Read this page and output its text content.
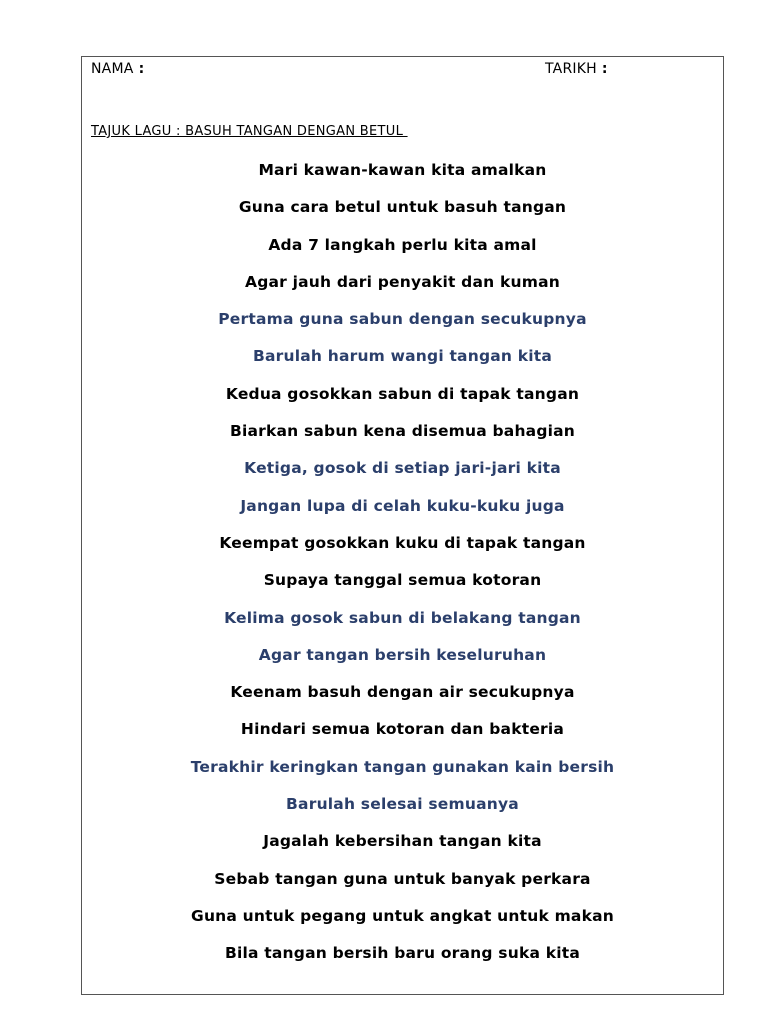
NAMA :	TARIKH :
TAJUK LAGU : BASUH TANGAN DENGAN BETUL
Mari kawan-kawan kita amalkan
Guna cara betul untuk basuh tangan
Ada 7 langkah perlu kita amal
Agar jauh dari penyakit dan kuman
Pertama guna sabun dengan secukupnya
Barulah harum wangi tangan kita
Kedua gosokkan sabun di tapak tangan
Biarkan sabun kena disemua bahagian
Ketiga, gosok di setiap jari-jari kita
Jangan lupa di celah kuku-kuku juga
Keempat gosokkan kuku di tapak tangan
Supaya tanggal semua kotoran
Kelima gosok sabun di belakang tangan
Agar tangan bersih keseluruhan
Keenam basuh dengan air secukupnya
Hindari semua kotoran dan bakteria
Terakhir keringkan tangan gunakan kain bersih
Barulah selesai semuanya
Jagalah kebersihan tangan kita
Sebab tangan guna untuk banyak perkara
Guna untuk pegang untuk angkat untuk makan
Bila tangan bersih baru orang suka kita
